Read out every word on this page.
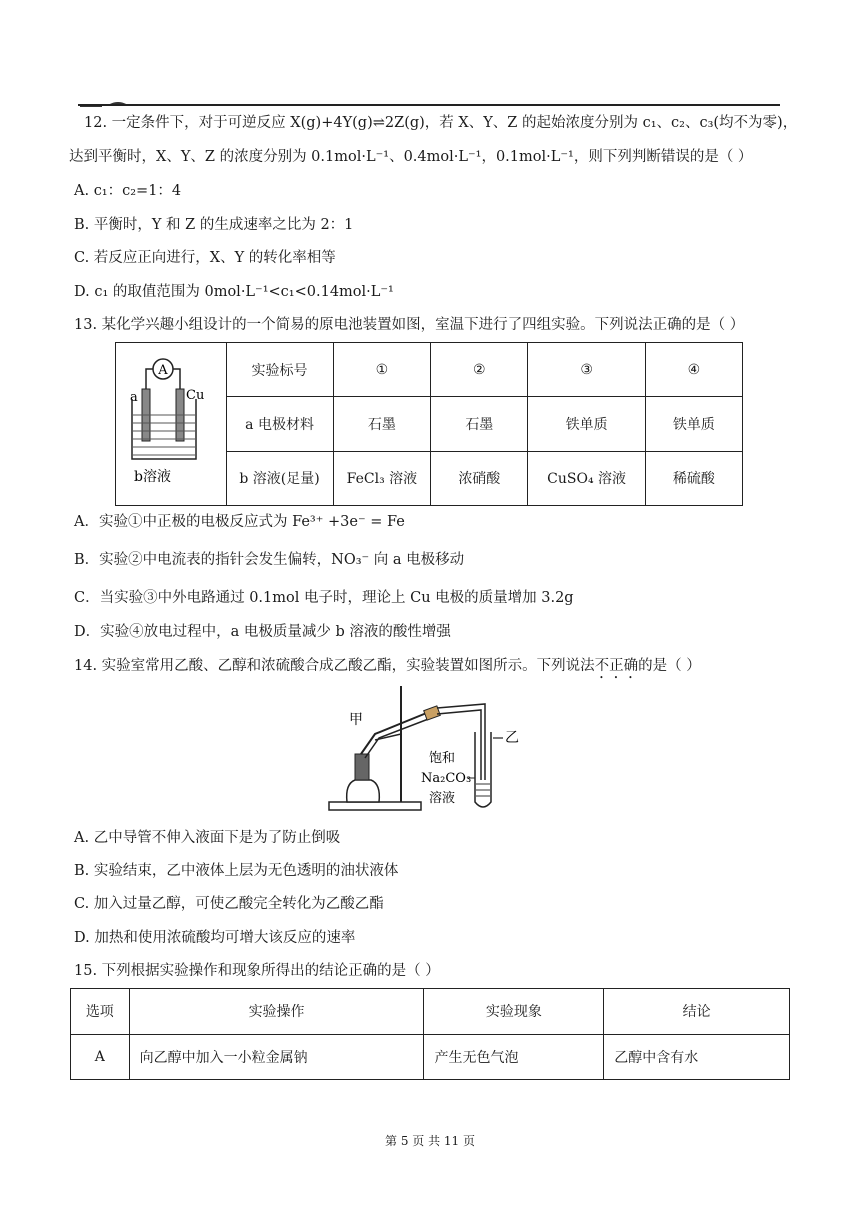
12. 一定条件下，对于可逆反应 X(g)+4Y(g)⇌2Z(g)，若 X、Y、Z 的起始浓度分别为 c₁、c₂、c₃(均不为零)，
达到平衡时，X、Y、Z 的浓度分别为 0.1mol·L⁻¹、0.4mol·L⁻¹，0.1mol·L⁻¹，则下列判断错误的是（ ）
A. c₁：c₂=1：4
B. 平衡时，Y 和 Z 的生成速率之比为 2：1
C. 若反应正向进行，X、Y 的转化率相等
D. c₁ 的取值范围为 0mol·L⁻¹<c₁<0.14mol·L⁻¹
13. 某化学兴趣小组设计的一个简易的原电池装置如图，室温下进行了四组实验。下列说法正确的是（ ）
A
a Cu
b溶液	实验标号	①	②	③	④
	a 电极材料	石墨	石墨	铁单质	铁单质
	b 溶液(足量)	FeCl₃ 溶液	浓硝酸	CuSO₄ 溶液	稀硫酸
A．实验①中正极的电极反应式为 Fe³⁺ +3e⁻ = Fe
B．实验②中电流表的指针会发生偏转，NO₃⁻ 向 a 电极移动
C．当实验③中外电路通过 0.1mol 电子时，理论上 Cu 电极的质量增加 3.2g
D．实验④放电过程中，a 电极质量减少 b 溶液的酸性增强
14. 实验室常用乙酸、乙醇和浓硫酸合成乙酸乙酯，实验装置如图所示。下列说法不正确的是（ ）
甲
乙
饱和
Na₂CO₃
溶液
A. 乙中导管不伸入液面下是为了防止倒吸
B. 实验结束，乙中液体上层为无色透明的油状液体
C. 加入过量乙醇，可使乙酸完全转化为乙酸乙酯
D. 加热和使用浓硫酸均可增大该反应的速率
15. 下列根据实验操作和现象所得出的结论正确的是（ ）
选项	实验操作	实验现象	结论
A	向乙醇中加入一小粒金属钠	产生无色气泡	乙醇中含有水
第 5 页 共 11 页
